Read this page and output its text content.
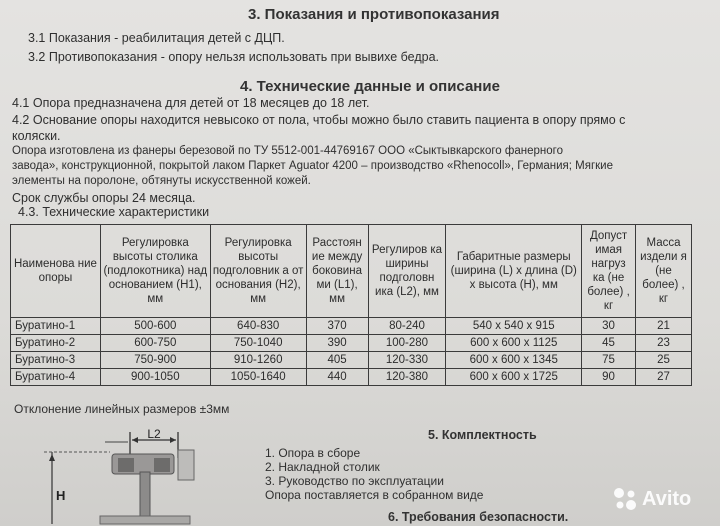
3. Показания и противопоказания
3.1 Показания - реабилитация детей с ДЦП.
3.2 Противопоказания - опору нельзя использовать при вывихе бедра.
4. Технические данные и описание
4.1 Опора предназначена для детей от 18 месяцев до 18 лет.
4.2 Основание опоры находится невысоко от пола, чтобы можно было ставить пациента в опору прямо с
коляски.
Опора изготовлена из фанеры березовой по ТУ 5512-001-44769167 ООО «Сыктывкарского фанерного
завода», конструкционной, покрытой лаком Паркет Aguator 4200 – производство «Rhenocoll», Германия; Мягкие
элементы на поролоне, обтянуты искусственной кожей.
Срок службы опоры 24 месяца.
4.3. Технические характеристики
Наименова ние опоры	Регулировка высоты столика (подлокотника) над основанием (Н1), мм	Регулировка высоты подголовник а от основания (Н2), мм	Расстоян ие между боковина ми (L1), мм	Регулиров ка ширины подголовн ика (L2), мм	Габаритные размеры (ширина (L) х длина (D) х высота (Н), мм	Допуст имая нагруз ка (не более) , кг	Масса издели я (не более) , кг
Буратино-1	500-600	640-830	370	80-240	540 х 540 х 915	30	21
Буратино-2	600-750	750-1040	390	100-280	600 х 600 х 1125	45	23
Буратино-3	750-900	910-1260	405	120-330	600 х 600 х 1345	75	25
Буратино-4	900-1050	1050-1640	440	120-380	600 х 600 х 1725	90	27
Отклонение линейных размеров ±3мм
L2
H
5. Комплектность
1. Опора в сборе
2. Накладной столик
3. Руководство по эксплуатации
Опора поставляется в собранном виде
6. Требования безопасности.
Avito
